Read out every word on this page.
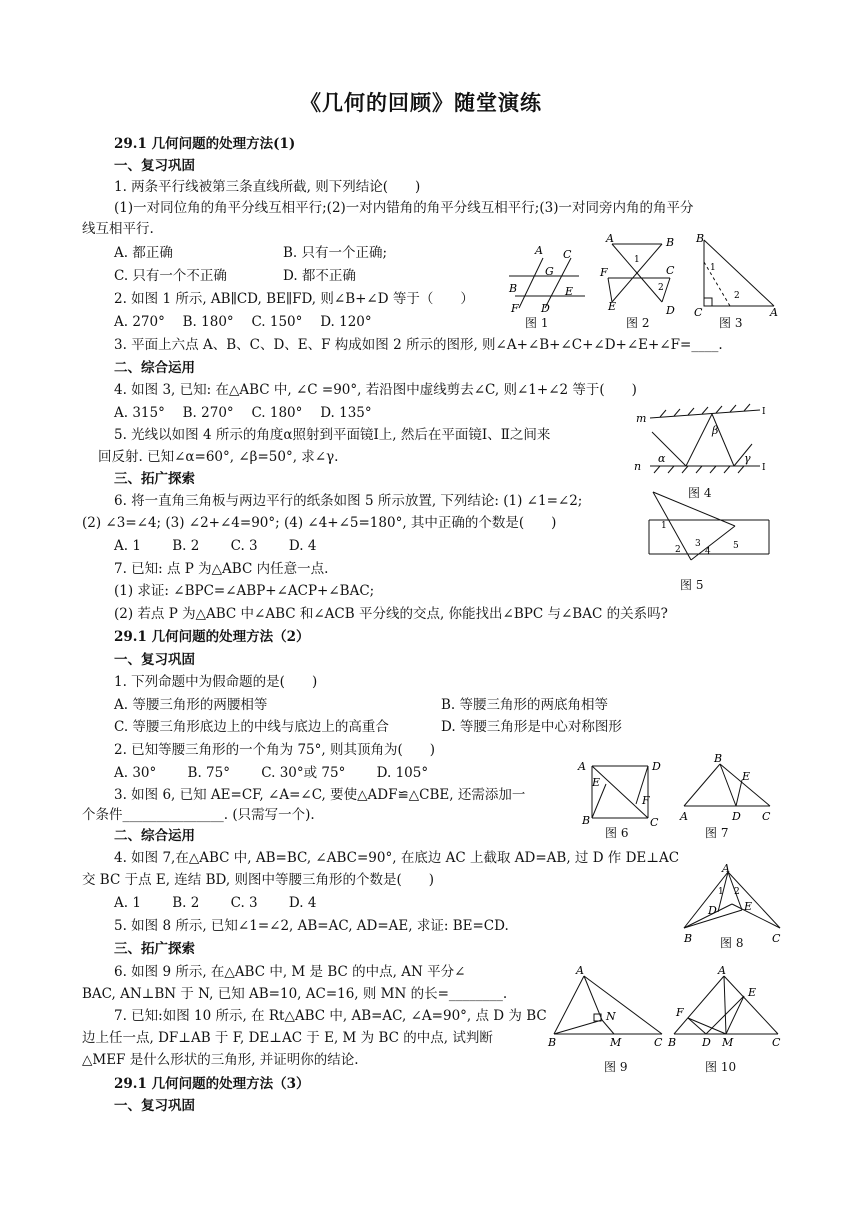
《几何的回顾》随堂演练
29.1 几何问题的处理方法(1)
一、复习巩固
1. 两条平行线被第三条直线所截, 则下列结论(　　)
(1)一对同位角的角平分线互相平行;(2)一对内错角的角平分线互相平行;(3)一对同旁内角的角平分
线互相平行.
A. 都正确	B. 只有一个正确;
C. 只有一个不正确	D. 都不正确
2. 如图 1 所示, AB∥CD, BE∥FD, 则∠B+∠D 等于（　　）
A. 270°　 B. 180°　 C. 150°　 D. 120°
3. 平面上六点 A、B、C、D、E、F 构成如图 2 所示的图形, 则∠A+∠B+∠C+∠D+∠E+∠F=____.
二、综合运用
4. 如图 3, 已知: 在△ABC 中, ∠C =90°, 若沿图中虚线剪去∠C, 则∠1+∠2 等于(　　)
A. 315°　 B. 270°　 C. 180°　 D. 135°
5. 光线以如图 4 所示的角度α照射到平面镜Ⅰ上, 然后在平面镜Ⅰ、Ⅱ之间来
回反射. 已知∠α=60°, ∠β=50°, 求∠γ.
三、拓广探索
6. 将一直角三角板与两边平行的纸条如图 5 所示放置, 下列结论: (1) ∠1=∠2;
(2) ∠3=∠4; (3) ∠2+∠4=90°; (4) ∠4+∠5=180°, 其中正确的个数是(　　)
A. 1　　 B. 2　　 C. 3　　 D. 4
7. 已知: 点 P 为△ABC 内任意一点.
(1) 求证: ∠BPC=∠ABP+∠ACP+∠BAC;
(2) 若点 P 为△ABC 中∠ABC 和∠ACB 平分线的交点, 你能找出∠BPC 与∠BAC 的关系吗?
29.1 几何问题的处理方法（2）
一、复习巩固
1. 下列命题中为假命题的是(　　)
A. 等腰三角形的两腰相等	B. 等腰三角形的两底角相等
C. 等腰三角形底边上的中线与底边上的高重合	D. 等腰三角形是中心对称图形
2. 已知等腰三角形的一个角为 75°, 则其顶角为(　　)
A. 30°　　 B. 75°　　 C. 30°或 75°　　 D. 105°
3. 如图 6, 已知 AE=CF, ∠A=∠C, 要使△ADF≌△CBE, 还需添加一
个条件_______________. (只需写一个).
二、综合运用
4. 如图 7,在△ABC 中, AB=BC, ∠ABC=90°, 在底边 AC 上截取 AD=AB, 过 D 作 DE⊥AC
交 BC 于点 E, 连结 BD, 则图中等腰三角形的个数是(　　)
A. 1　　 B. 2　　 C. 3　　 D. 4
5. 如图 8 所示, 已知∠1=∠2, AB=AC, AD=AE, 求证: BE=CD.
三、拓广探索
6. 如图 9 所示, 在△ABC 中, M 是 BC 的中点, AN 平分∠
BAC, AN⊥BN 于 N, 已知 AB=10, AC=16, 则 MN 的长=________.
7. 已知:如图 10 所示, 在 Rt△ABC 中, AB=AC, ∠A=90°, 点 D 为 BC
边上任一点, DF⊥AB 于 F, DE⊥AC 于 E, M 为 BC 的中点, 试判断
△MEF 是什么形状的三角形, 并证明你的结论.
29.1 几何问题的处理方法（3）
一、复习巩固
A C
B
G
E
F D
图 1
A	B
1
F	C
E
2
D
图 2
B
1
2
C	A
图 3
m
n
α
β
γ
Ⅰ
Ⅰ
图 4
1
2
3
4
5
图 5
A	D
E
F
B	C
图 6
B
E
A	D C
图 7
A
1 2
D E
B	C
图 8
A
N
B	M	C
图 9
A
F
E
B D M	C
图 10
